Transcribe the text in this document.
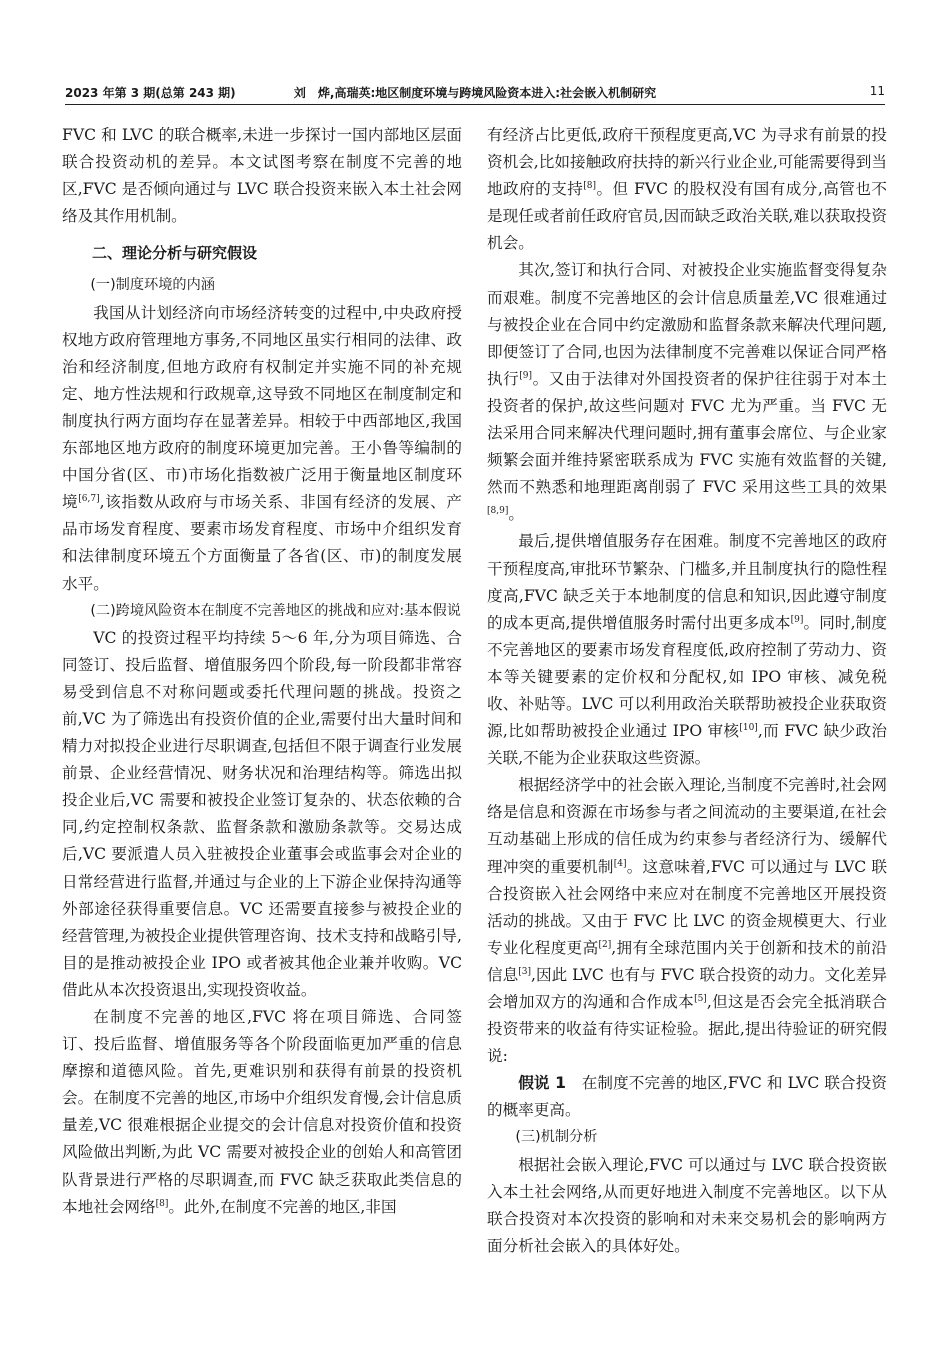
2023 年第 3 期(总第 243 期)	刘　烨,高瑞英:地区制度环境与跨境风险资本进入:社会嵌入机制研究	11

FVC 和 LVC 的联合概率,未进一步探讨一国内部地区层面联合投资动机的差异。本文试图考察在制度不完善的地区,FVC 是否倾向通过与 LVC 联合投资来嵌入本土社会网络及其作用机制。

二、理论分析与研究假设

(一)制度环境的内涵

我国从计划经济向市场经济转变的过程中,中央政府授权地方政府管理地方事务,不同地区虽实行相同的法律、政治和经济制度,但地方政府有权制定并实施不同的补充规定、地方性法规和行政规章,这导致不同地区在制度制定和制度执行两方面均存在显著差异。相较于中西部地区,我国东部地区地方政府的制度环境更加完善。王小鲁等编制的中国分省(区、市)市场化指数被广泛用于衡量地区制度环境[6,7],该指数从政府与市场关系、非国有经济的发展、产品市场发育程度、要素市场发育程度、市场中介组织发育和法律制度环境五个方面衡量了各省(区、市)的制度发展水平。

(二)跨境风险资本在制度不完善地区的挑战和应对:基本假说

VC 的投资过程平均持续 5～6 年,分为项目筛选、合同签订、投后监督、增值服务四个阶段,每一阶段都非常容易受到信息不对称问题或委托代理问题的挑战。投资之前,VC 为了筛选出有投资价值的企业,需要付出大量时间和精力对拟投企业进行尽职调查,包括但不限于调查行业发展前景、企业经营情况、财务状况和治理结构等。筛选出拟投企业后,VC 需要和被投企业签订复杂的、状态依赖的合同,约定控制权条款、监督条款和激励条款等。交易达成后,VC 要派遣人员入驻被投企业董事会或监事会对企业的日常经营进行监督,并通过与企业的上下游企业保持沟通等外部途径获得重要信息。VC 还需要直接参与被投企业的经营管理,为被投企业提供管理咨询、技术支持和战略引导,目的是推动被投企业 IPO 或者被其他企业兼并收购。VC 借此从本次投资退出,实现投资收益。

在制度不完善的地区,FVC 将在项目筛选、合同签订、投后监督、增值服务等各个阶段面临更加严重的信息摩擦和道德风险。首先,更难识别和获得有前景的投资机会。在制度不完善的地区,市场中介组织发育慢,会计信息质量差,VC 很难根据企业提交的会计信息对投资价值和投资风险做出判断,为此 VC 需要对被投企业的创始人和高管团队背景进行严格的尽职调查,而 FVC 缺乏获取此类信息的本地社会网络[8]。此外,在制度不完善的地区,非国

有经济占比更低,政府干预程度更高,VC 为寻求有前景的投资机会,比如接触政府扶持的新兴行业企业,可能需要得到当地政府的支持[8]。但 FVC 的股权没有国有成分,高管也不是现任或者前任政府官员,因而缺乏政治关联,难以获取投资机会。

其次,签订和执行合同、对被投企业实施监督变得复杂而艰难。制度不完善地区的会计信息质量差,VC 很难通过与被投企业在合同中约定激励和监督条款来解决代理问题,即便签订了合同,也因为法律制度不完善难以保证合同严格执行[9]。又由于法律对外国投资者的保护往往弱于对本土投资者的保护,故这些问题对 FVC 尤为严重。当 FVC 无法采用合同来解决代理问题时,拥有董事会席位、与企业家频繁会面并维持紧密联系成为 FVC 实施有效监督的关键,然而不熟悉和地理距离削弱了 FVC 采用这些工具的效果[8,9]。

最后,提供增值服务存在困难。制度不完善地区的政府干预程度高,审批环节繁杂、门槛多,并且制度执行的隐性程度高,FVC 缺乏关于本地制度的信息和知识,因此遵守制度的成本更高,提供增值服务时需付出更多成本[9]。同时,制度不完善地区的要素市场发育程度低,政府控制了劳动力、资本等关键要素的定价权和分配权,如 IPO 审核、减免税收、补贴等。LVC 可以利用政治关联帮助被投企业获取资源,比如帮助被投企业通过 IPO 审核[10],而 FVC 缺少政治关联,不能为企业获取这些资源。

根据经济学中的社会嵌入理论,当制度不完善时,社会网络是信息和资源在市场参与者之间流动的主要渠道,在社会互动基础上形成的信任成为约束参与者经济行为、缓解代理冲突的重要机制[4]。这意味着,FVC 可以通过与 LVC 联合投资嵌入社会网络中来应对在制度不完善地区开展投资活动的挑战。又由于 FVC 比 LVC 的资金规模更大、行业专业化程度更高[2],拥有全球范围内关于创新和技术的前沿信息[3],因此 LVC 也有与 FVC 联合投资的动力。文化差异会增加双方的沟通和合作成本[5],但这是否会完全抵消联合投资带来的收益有待实证检验。据此,提出待验证的研究假说:

假说 1　 在制度不完善的地区,FVC 和 LVC 联合投资的概率更高。

(三)机制分析

根据社会嵌入理论,FVC 可以通过与 LVC 联合投资嵌入本土社会网络,从而更好地进入制度不完善地区。以下从联合投资对本次投资的影响和对未来交易机会的影响两方面分析社会嵌入的具体好处。
